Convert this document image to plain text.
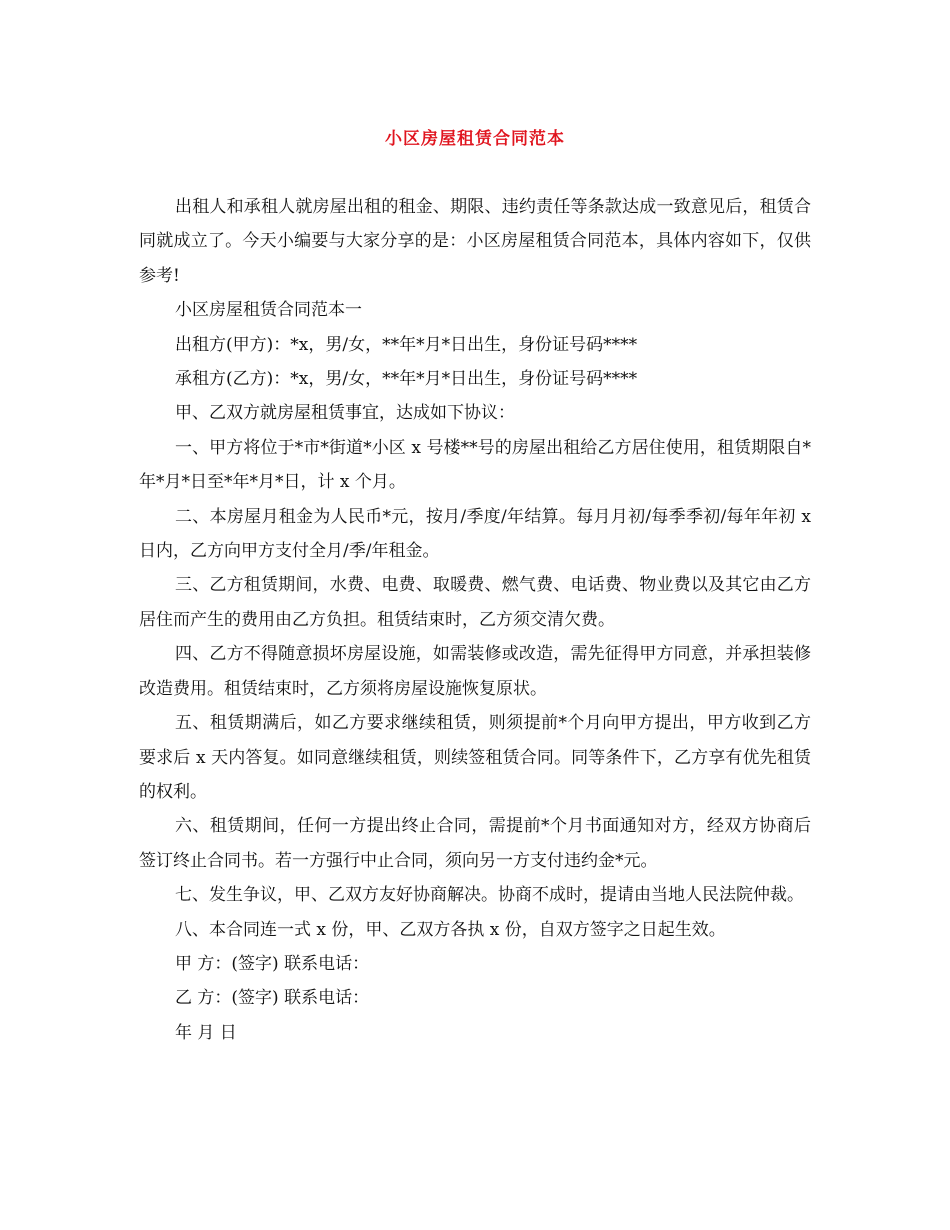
小区房屋租赁合同范本

出租人和承租人就房屋出租的租金、期限、违约责任等条款达成一致意见后，租赁合同就成立了。今天小编要与大家分享的是：小区房屋租赁合同范本，具体内容如下，仅供参考!

小区房屋租赁合同范本一

出租方(甲方)：*x，男/女，**年*月*日出生，身份证号码****

承租方(乙方)：*x，男/女，**年*月*日出生，身份证号码****

甲、乙双方就房屋租赁事宜，达成如下协议：

一、甲方将位于*市*街道*小区 x 号楼**号的房屋出租给乙方居住使用，租赁期限自*年*月*日至*年*月*日，计 x 个月。

二、本房屋月租金为人民币*元，按月/季度/年结算。每月月初/每季季初/每年年初 x 日内，乙方向甲方支付全月/季/年租金。

三、乙方租赁期间，水费、电费、取暖费、燃气费、电话费、物业费以及其它由乙方居住而产生的费用由乙方负担。租赁结束时，乙方须交清欠费。

四、乙方不得随意损坏房屋设施，如需装修或改造，需先征得甲方同意，并承担装修改造费用。租赁结束时，乙方须将房屋设施恢复原状。

五、租赁期满后，如乙方要求继续租赁，则须提前*个月向甲方提出，甲方收到乙方要求后 x 天内答复。如同意继续租赁，则续签租赁合同。同等条件下，乙方享有优先租赁的权利。

六、租赁期间，任何一方提出终止合同，需提前*个月书面通知对方，经双方协商后签订终止合同书。若一方强行中止合同，须向另一方支付违约金*元。

七、发生争议，甲、乙双方友好协商解决。协商不成时，提请由当地人民法院仲裁。

八、本合同连一式 x 份，甲、乙双方各执 x 份，自双方签字之日起生效。

甲 方：(签字) 联系电话：

乙 方：(签字) 联系电话：

年 月 日
